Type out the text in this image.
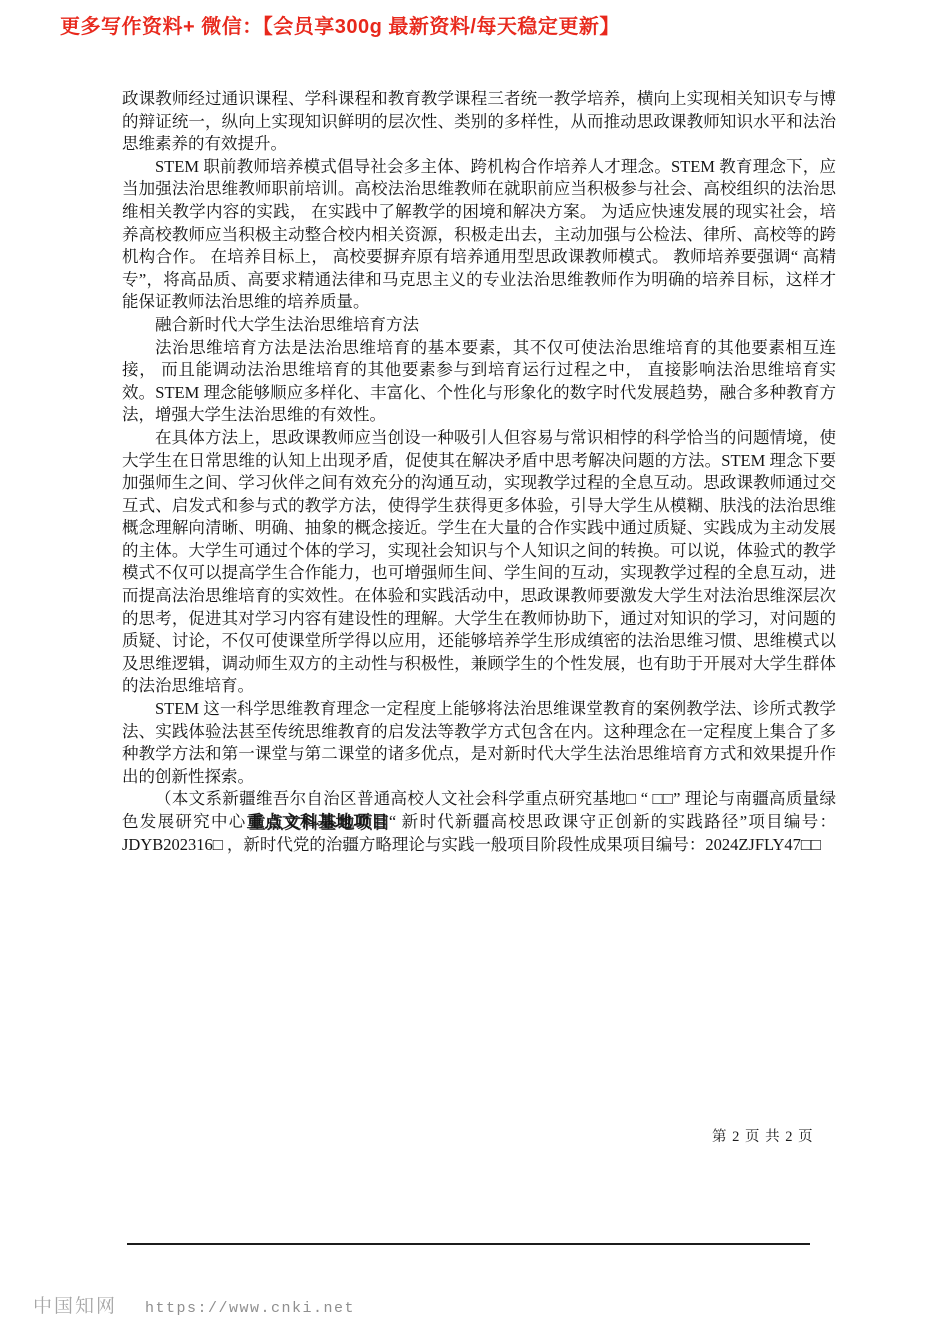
更多写作资料+ 微信：【会员享300g 最新资料/每天稳定更新】

政课教师经过通识课程、学科课程和教育教学课程三者统一教学培养，横向上实现相关知识专与博的辩证统一，纵向上实现知识鲜明的层次性、类别的多样性，从而推动思政课教师知识水平和法治思维素养的有效提升。

STEM 职前教师培养模式倡导社会多主体、跨机构合作培养人才理念。STEM 教育理念下，应当加强法治思维教师职前培训。高校法治思维教师在就职前应当积极参与社会、高校组织的法治思维相关教学内容的实践， 在实践中了解教学的困境和解决方案。 为适应快速发展的现实社会，培养高校教师应当积极主动整合校内相关资源，积极走出去，主动加强与公检法、律所、高校等的跨机构合作。 在培养目标上， 高校要摒弃原有培养通用型思政课教师模式。 教师培养要强调“ 高精专”，将高品质、高要求精通法律和马克思主义的专业法治思维教师作为明确的培养目标，这样才能保证教师法治思维的培养质量。

融合新时代大学生法治思维培育方法

法治思维培育方法是法治思维培育的基本要素，其不仅可使法治思维培育的其他要素相互连接， 而且能调动法治思维培育的其他要素参与到培育运行过程之中， 直接影响法治思维培育实效。STEM 理念能够顺应多样化、丰富化、个性化与形象化的数字时代发展趋势，融合多种教育方法，增强大学生法治思维的有效性。

在具体方法上，思政课教师应当创设一种吸引人但容易与常识相悖的科学恰当的问题情境，使大学生在日常思维的认知上出现矛盾，促使其在解决矛盾中思考解决问题的方法。STEM 理念下要加强师生之间、学习伙伴之间有效充分的沟通互动，实现教学过程的全息互动。思政课教师通过交互式、启发式和参与式的教学方法，使得学生获得更多体验，引导大学生从模糊、肤浅的法治思维概念理解向清晰、明确、抽象的概念接近。学生在大量的合作实践中通过质疑、实践成为主动发展的主体。大学生可通过个体的学习，实现社会知识与个人知识之间的转换。可以说，体验式的教学模式不仅可以提高学生合作能力，也可增强师生间、学生间的互动，实现教学过程的全息互动，进而提高法治思维培育的实效性。在体验和实践活动中，思政课教师要激发大学生对法治思维深层次的思考，促进其对学习内容有建设性的理解。大学生在教师协助下，通过对知识的学习，对问题的质疑、讨论，不仅可使课堂所学得以应用，还能够培养学生形成缜密的法治思维习惯、思维模式以及思维逻辑，调动师生双方的主动性与积极性，兼顾学生的个性发展，也有助于开展对大学生群体的法治思维培育。

STEM 这一科学思维教育理念一定程度上能够将法治思维课堂教育的案例教学法、诊所式教学法、实践体验法甚至传统思维教育的启发法等教学方式包含在内。这种理念在一定程度上集合了多种教学方法和第一课堂与第二课堂的诸多优点，是对新时代大学生法治思维培育方式和效果提升作出的创新性探索。

（本文系新疆维吾尔自治区普通高校人文社会科学重点研究基地□ “ □□” 理论与南疆高质量绿色发展研究中心重点文科基地项目“ 新时代新疆高校思政课守正创新的实践路径”项目编号：JDYB202316□ ，新时代党的治疆方略理论与实践一般项目阶段性成果项目编号：2024ZJFLY47□□

第 2 页 共 2 页
中国知网 https://www.cnki.net
